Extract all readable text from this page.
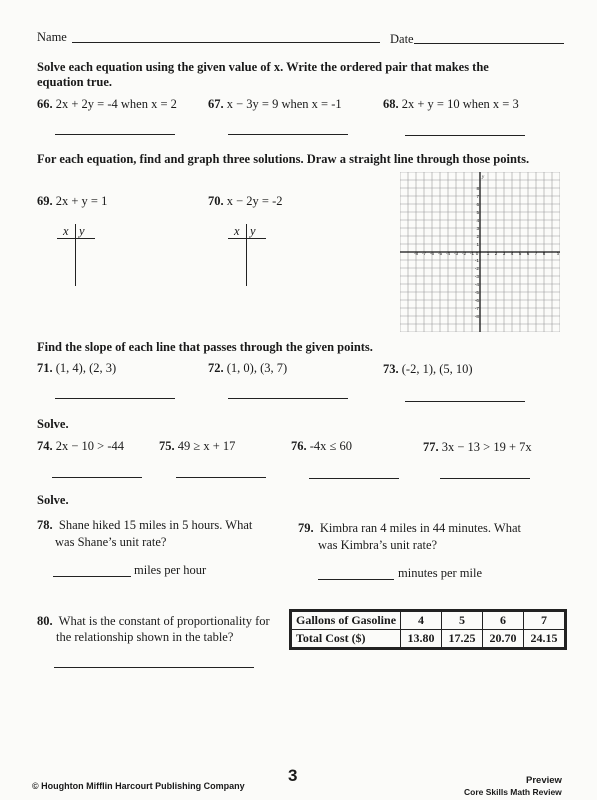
Name	Date
Solve each equation using the given value of x. Write the ordered pair that makes the
equation true.
66. 2x + 2y = -4 when x = 2 67. x − 3y = 9 when x = -1	68. 2x + y = 10 when x = 3
For each equation, find and graph three solutions. Draw a straight line through those points.
69. 2x + y = 1	70. x − 2y = -2
x y	x y
-8 -7 -6 -5 -4 -3 -2 -1 0 1 2 3 4 5 6 7 8 x
8
7
6
5
4
3
2
1
-1
-2
-3
-4
-5
-6
-7
-8
y
Find the slope of each line that passes through the given points.
71. (1, 4), (2, 3)	72. (1, 0), (3, 7)	73. (-2, 1), (5, 10)
Solve.
74. 2x − 10 > -44	75. 49 ≥ x + 17	76. -4x ≤ 60	77. 3x − 13 > 19 + 7x
Solve.
78. Shane hiked 15 miles in 5 hours. What
was Shane’s unit rate?
miles per hour
79. Kimbra ran 4 miles in 44 minutes. What
was Kimbra’s unit rate?
minutes per mile
80. What is the constant of proportionality for
the relationship shown in the table?
Gallons of Gasoline	4	5	6	7
Total Cost ($)	13.80	17.25	20.70	24.15
© Houghton Mifflin Harcourt Publishing Company
3	Preview
Core Skills Math Review
